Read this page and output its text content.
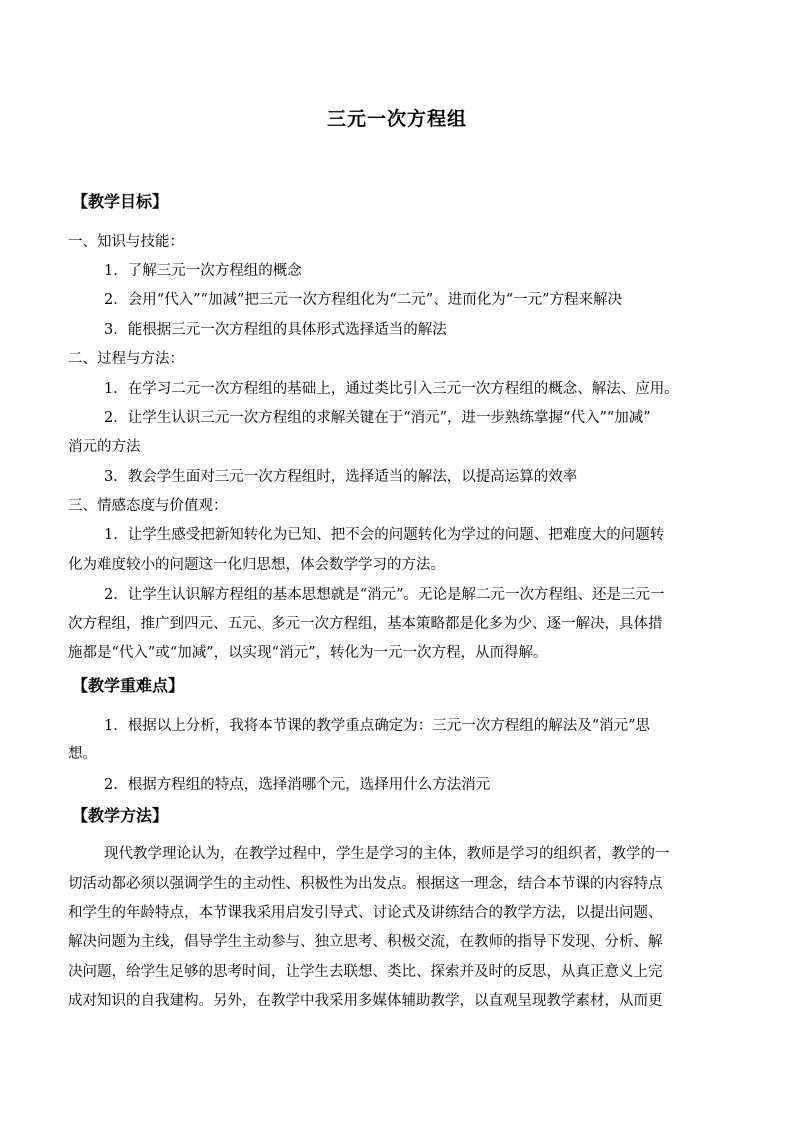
三元一次方程组
【教学目标】
一、知识与技能：
1．了解三元一次方程组的概念
2．会用“代入”“加减”把三元一次方程组化为“二元”、进而化为“一元”方程来解决
3．能根据三元一次方程组的具体形式选择适当的解法
二、过程与方法：
1．在学习二元一次方程组的基础上，通过类比引入三元一次方程组的概念、解法、应用。
2．让学生认识三元一次方程组的求解关键在于“消元”，进一步熟练掌握“代入”“加减”
消元的方法
3．教会学生面对三元一次方程组时，选择适当的解法，以提高运算的效率
三、情感态度与价值观：
1．让学生感受把新知转化为已知、把不会的问题转化为学过的问题、把难度大的问题转
化为难度较小的问题这一化归思想，体会数学学习的方法。
2．让学生认识解方程组的基本思想就是“消元”。无论是解二元一次方程组、还是三元一
次方程组，推广到四元、五元、多元一次方程组，基本策略都是化多为少、逐一解决，具体措
施都是“代入”或“加减”，以实现“消元”，转化为一元一次方程，从而得解。
【教学重难点】
1．根据以上分析，我将本节课的教学重点确定为：三元一次方程组的解法及“消元”思
想。
2．根据方程组的特点，选择消哪个元，选择用什么方法消元
【教学方法】
现代教学理论认为，在教学过程中，学生是学习的主体，教师是学习的组织者，教学的一
切活动都必须以强调学生的主动性、积极性为出发点。根据这一理念，结合本节课的内容特点
和学生的年龄特点，本节课我采用启发引导式、讨论式及讲练结合的教学方法，以提出问题、
解决问题为主线，倡导学生主动参与、独立思考、积极交流，在教师的指导下发现、分析、解
决问题，给学生足够的思考时间，让学生去联想、类比、探索并及时的反思，从真正意义上完
成对知识的自我建构。另外，在教学中我采用多媒体辅助教学，以直观呈现教学素材，从而更
